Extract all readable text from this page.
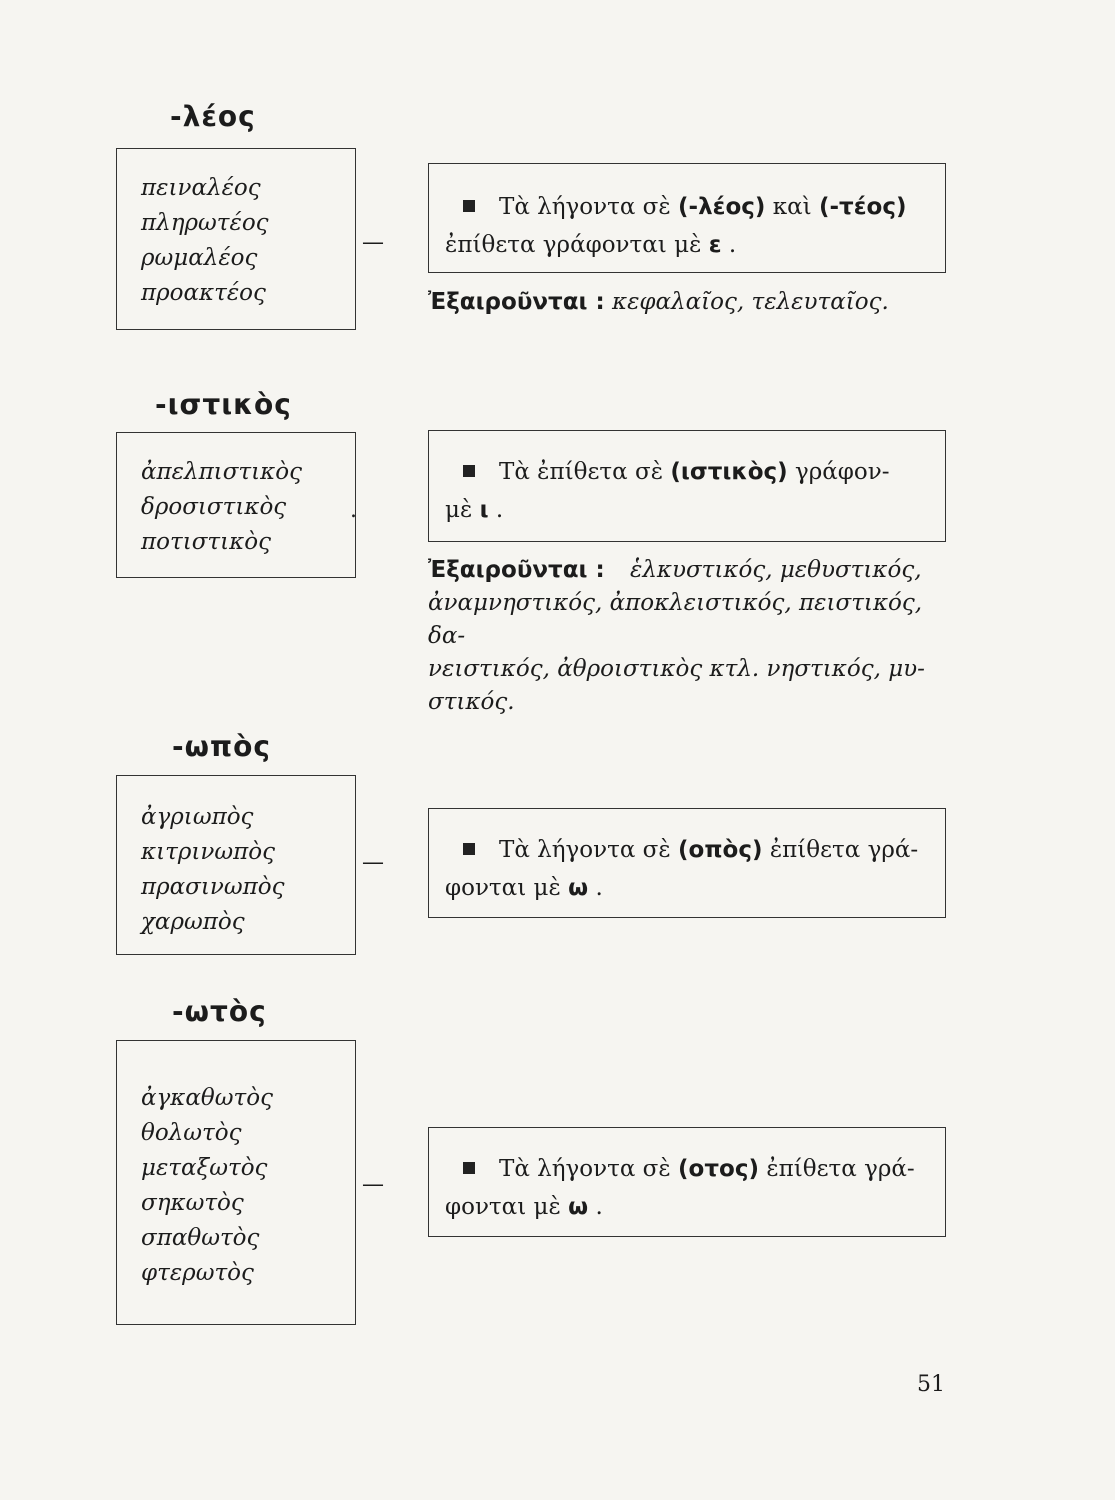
-λέος
πειναλέος
πληρωτέος
ρωμαλέος
προακτέος
—
Τὰ λήγοντα σὲ (-λέος) καὶ (-τέος)
ἐπίθετα γράφονται μὲ ε .
Ἐξαιροῦνται : κεφαλαῖος, τελευταῖος.
-ιστικὸς
ἀπελπιστικὸς
δροσιστικὸς
ποτιστικὸς
.
Τὰ ἐπίθετα σὲ (ιστικὸς) γράφον-
μὲ ι .
Ἐξαιροῦνται : ἑλκυστικός, μεθυστικός,
ἀναμνηστικός, ἀποκλειστικός, πειστικός, δα-
νειστικός, ἀθροιστικὸς κτλ. νηστικός, μυ-
στικός.
-ωπὸς
ἀγριωπὸς
κιτρινωπὸς
πρασινωπὸς
χαρωπὸς
—	Τὰ λήγοντα σὲ (οπὸς) ἐπίθετα γρά-
φονται μὲ ω .
-ωτὸς
ἀγκαθωτὸς
θολωτὸς
μεταξωτὸς
σηκωτὸς
σπαθωτὸς
φτερωτὸς
—
Τὰ λήγοντα σὲ (οτος) ἐπίθετα γρά-
φονται μὲ ω .
51
